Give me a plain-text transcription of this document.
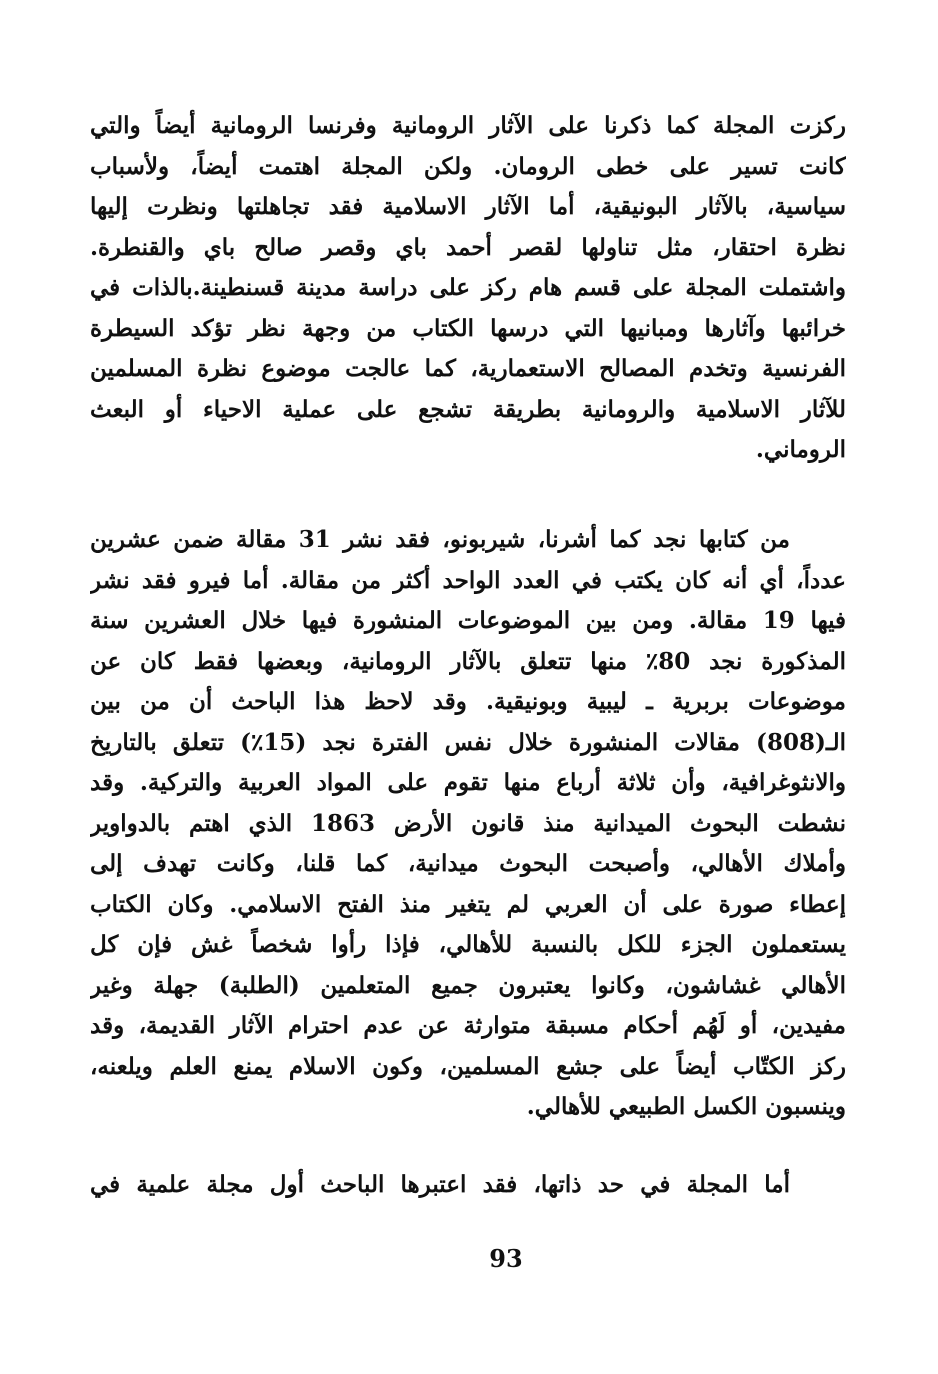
ركزت المجلة كما ذكرنا على الآثار الرومانية وفرنسا الرومانية أيضاً والتي
كانت تسير على خطى الرومان. ولكن المجلة اهتمت أيضاً، ولأسباب
سياسية، بالآثار البونيقية، أما الآثار الاسلامية فقد تجاهلتها ونظرت إليها
نظرة احتقار، مثل تناولها لقصر أحمد باي وقصر صالح باي والقنطرة.
واشتملت المجلة على قسم هام ركز على دراسة مدينة قسنطينة.بالذات في
خرائبها وآثارها ومبانيها التي درسها الكتاب من وجهة نظر تؤكد السيطرة
الفرنسية وتخدم المصالح الاستعمارية، كما عالجت موضوع نظرة المسلمين
للآثار الاسلامية والرومانية بطريقة تشجع على عملية الاحياء أو البعث
الروماني.
من كتابها نجد كما أشرنا، شيربونو، فقد نشر 31 مقالة ضمن عشرين
عدداً، أي أنه كان يكتب في العدد الواحد أكثر من مقالة. أما فيرو فقد نشر
فيها 19 مقالة. ومن بين الموضوعات المنشورة فيها خلال العشرين سنة
المذكورة نجد 80٪ منها تتعلق بالآثار الرومانية، وبعضها فقط كان عن
موضوعات بربرية ـ ليبية وبونيقية. وقد لاحظ هذا الباحث أن من بين
الـ(808) مقالات المنشورة خلال نفس الفترة نجد (15٪) تتعلق بالتاريخ
والانثوغرافية، وأن ثلاثة أرباع منها تقوم على المواد العربية والتركية. وقد
نشطت البحوث الميدانية منذ قانون الأرض 1863 الذي اهتم بالدواوير
وأملاك الأهالي، وأصبحت البحوث ميدانية، كما قلنا، وكانت تهدف إلى
إعطاء صورة على أن العربي لم يتغير منذ الفتح الاسلامي. وكان الكتاب
يستعملون الجزء للكل بالنسبة للأهالي، فإذا رأوا شخصاً غش فإن كل
الأهالي غشاشون، وكانوا يعتبرون جميع المتعلمين (الطلبة) جهلة وغير
مفيدين، أو لَهُم أحكام مسبقة متوارثة عن عدم احترام الآثار القديمة، وقد
ركز الكتّاب أيضاً على جشع المسلمين، وكون الاسلام يمنع العلم ويلعنه،
وينسبون الكسل الطبيعي للأهالي.
أما المجلة في حد ذاتها، فقد اعتبرها الباحث أول مجلة علمية في
93
